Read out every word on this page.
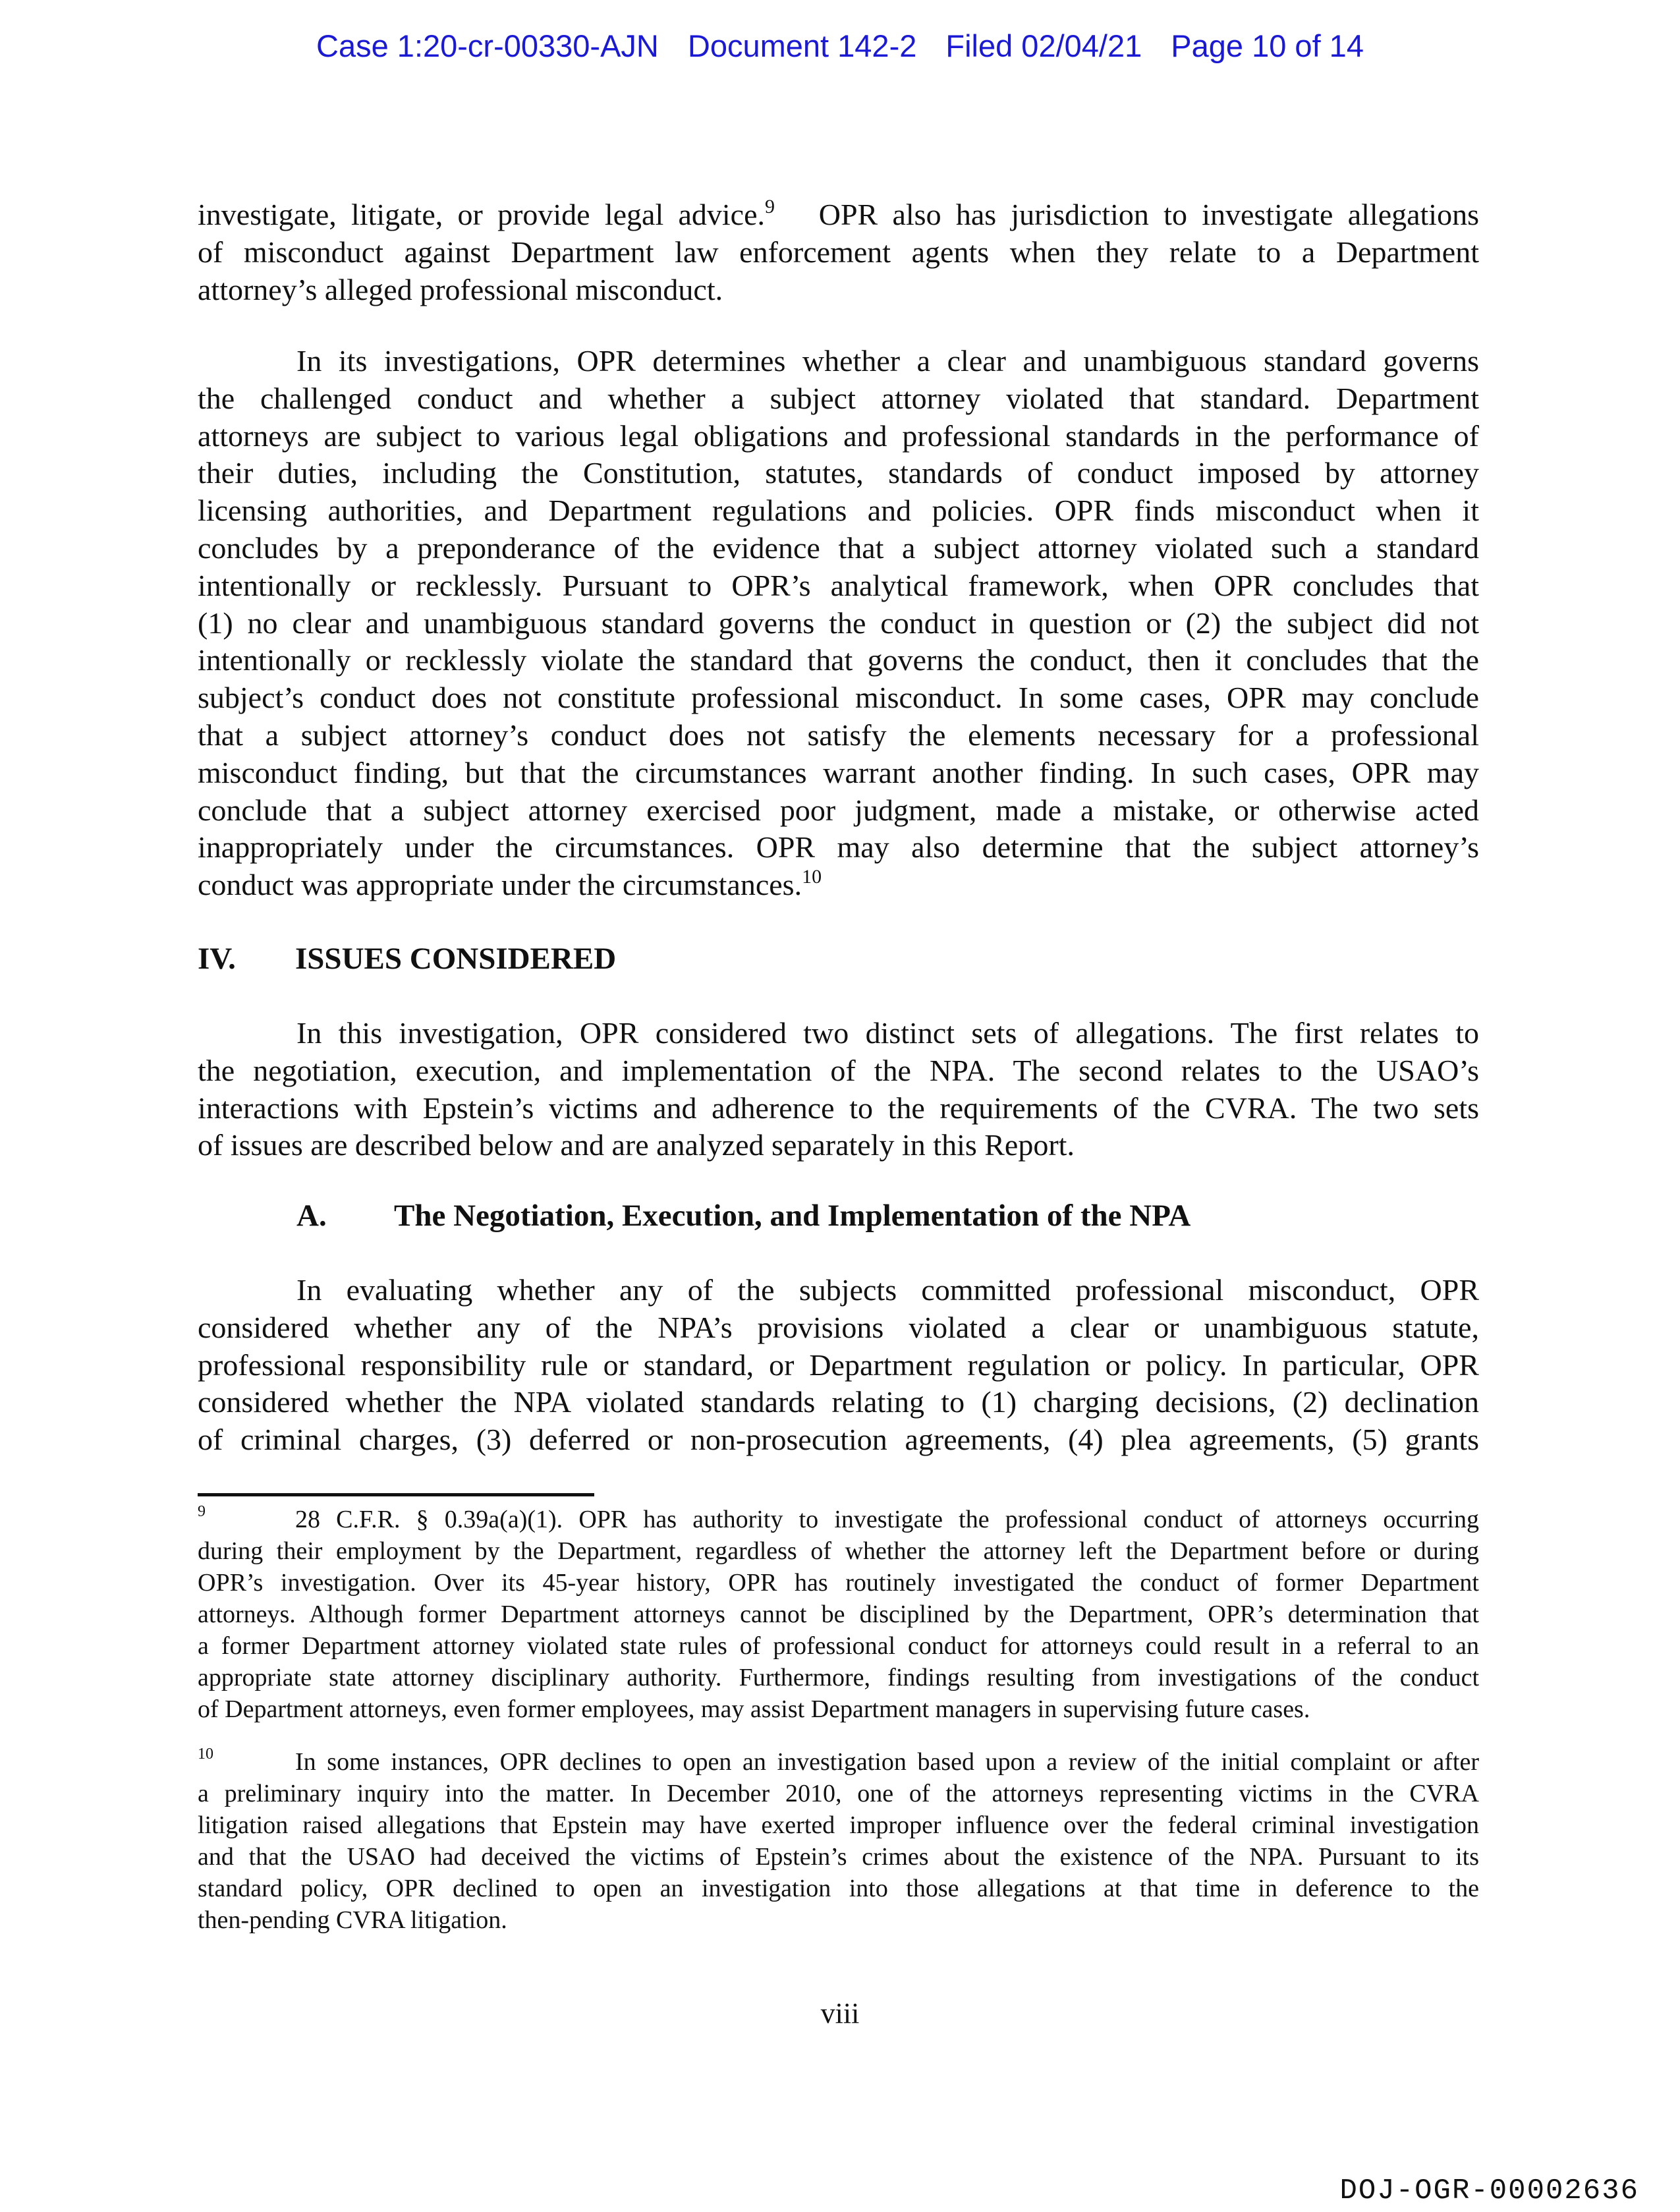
Case 1:20-cr-00330-AJN Document 142-2 Filed 02/04/21 Page 10 of 14
investigate, litigate, or provide legal advice.$^9$ OPR also has jurisdiction to investigate allegations
of misconduct against Department law enforcement agents when they relate to a Department
attorney’s alleged professional misconduct.
In its investigations, OPR determines whether a clear and unambiguous standard governs
the challenged conduct and whether a subject attorney violated that standard. Department
attorneys are subject to various legal obligations and professional standards in the performance of
their duties, including the Constitution, statutes, standards of conduct imposed by attorney
licensing authorities, and Department regulations and policies. OPR finds misconduct when it
concludes by a preponderance of the evidence that a subject attorney violated such a standard
intentionally or recklessly. Pursuant to OPR’s analytical framework, when OPR concludes that
(1) no clear and unambiguous standard governs the conduct in question or (2) the subject did not
intentionally or recklessly violate the standard that governs the conduct, then it concludes that the
subject’s conduct does not constitute professional misconduct. In some cases, OPR may conclude
that a subject attorney’s conduct does not satisfy the elements necessary for a professional
misconduct finding, but that the circumstances warrant another finding. In such cases, OPR may
conclude that a subject attorney exercised poor judgment, made a mistake, or otherwise acted
inappropriately under the circumstances. OPR may also determine that the subject attorney’s
conduct was appropriate under the circumstances.$^{10}$
IV. ISSUES CONSIDERED
In this investigation, OPR considered two distinct sets of allegations. The first relates to
the negotiation, execution, and implementation of the NPA. The second relates to the USAO’s
interactions with Epstein’s victims and adherence to the requirements of the CVRA. The two sets
of issues are described below and are analyzed separately in this Report.
A. The Negotiation, Execution, and Implementation of the NPA
In evaluating whether any of the subjects committed professional misconduct, OPR
considered whether any of the NPA’s provisions violated a clear or unambiguous statute,
professional responsibility rule or standard, or Department regulation or policy. In particular, OPR
considered whether the NPA violated standards relating to (1) charging decisions, (2) declination
of criminal charges, (3) deferred or non-prosecution agreements, (4) plea agreements, (5) grants
9	28 C.F.R. § 0.39a(a)(1). OPR has authority to investigate the professional conduct of attorneys occurring
during their employment by the Department, regardless of whether the attorney left the Department before or during
OPR’s investigation. Over its 45-year history, OPR has routinely investigated the conduct of former Department
attorneys. Although former Department attorneys cannot be disciplined by the Department, OPR’s determination that
a former Department attorney violated state rules of professional conduct for attorneys could result in a referral to an
appropriate state attorney disciplinary authority. Furthermore, findings resulting from investigations of the conduct
of Department attorneys, even former employees, may assist Department managers in supervising future cases.
10	In some instances, OPR declines to open an investigation based upon a review of the initial complaint or after
a preliminary inquiry into the matter. In December 2010, one of the attorneys representing victims in the CVRA
litigation raised allegations that Epstein may have exerted improper influence over the federal criminal investigation
and that the USAO had deceived the victims of Epstein’s crimes about the existence of the NPA. Pursuant to its
standard policy, OPR declined to open an investigation into those allegations at that time in deference to the
then-pending CVRA litigation.
viii
DOJ-OGR-00002636
